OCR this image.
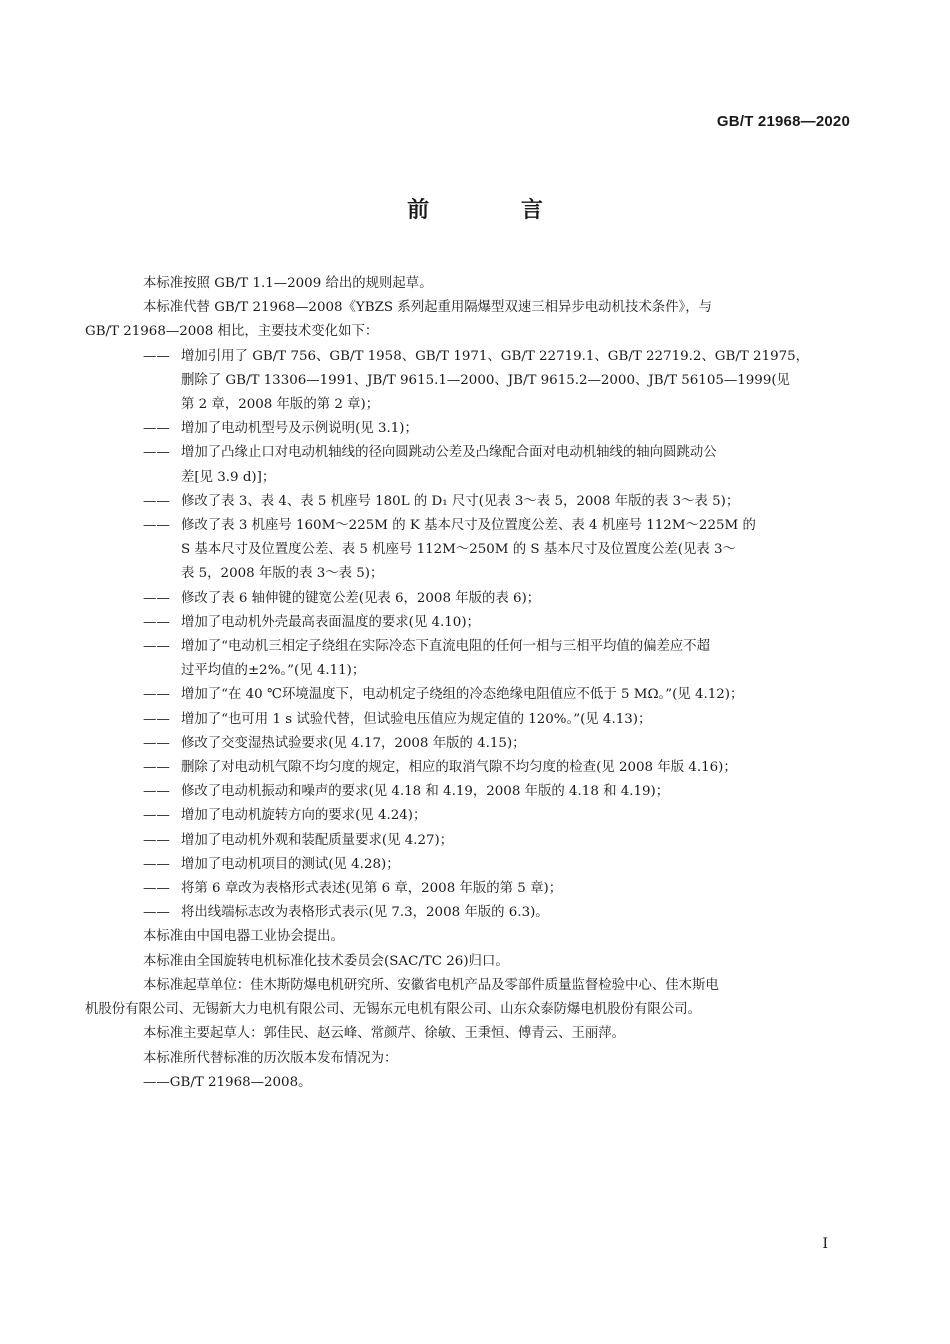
GB/T 21968—2020
前 言

本标准按照 GB/T 1.1—2009 给出的规则起草。

本标准代替 GB/T 21968—2008《YBZS 系列起重用隔爆型双速三相异步电动机技术条件》，与
GB/T 21968—2008 相比，主要技术变化如下：

—— 增加引用了 GB/T 756、GB/T 1958、GB/T 1971、GB/T 22719.1、GB/T 22719.2、GB/T 21975，
删除了 GB/T 13306—1991、JB/T 9615.1—2000、JB/T 9615.2—2000、JB/T 56105—1999(见
第 2 章，2008 年版的第 2 章)；
—— 增加了电动机型号及示例说明(见 3.1)；
—— 增加了凸缘止口对电动机轴线的径向圆跳动公差及凸缘配合面对电动机轴线的轴向圆跳动公
差[见 3.9 d)]；
—— 修改了表 3、表 4、表 5 机座号 180L 的 D₁ 尺寸(见表 3～表 5，2008 年版的表 3～表 5)；
—— 修改了表 3 机座号 160M～225M 的 K 基本尺寸及位置度公差、表 4 机座号 112M～225M 的
S 基本尺寸及位置度公差、表 5 机座号 112M～250M 的 S 基本尺寸及位置度公差(见表 3～
表 5，2008 年版的表 3～表 5)；
—— 修改了表 6 轴伸键的键宽公差(见表 6，2008 年版的表 6)；
—— 增加了电动机外壳最高表面温度的要求(见 4.10)；
—— 增加了“电动机三相定子绕组在实际冷态下直流电阻的任何一相与三相平均值的偏差应不超
过平均值的±2%。”(见 4.11)；
—— 增加了“在 40 ℃环境温度下，电动机定子绕组的冷态绝缘电阻值应不低于 5 MΩ。”(见 4.12)；
—— 增加了“也可用 1 s 试验代替，但试验电压值应为规定值的 120%。”(见 4.13)；
—— 修改了交变湿热试验要求(见 4.17，2008 年版的 4.15)；
—— 删除了对电动机气隙不均匀度的规定，相应的取消气隙不均匀度的检查(见 2008 年版 4.16)；
—— 修改了电动机振动和噪声的要求(见 4.18 和 4.19，2008 年版的 4.18 和 4.19)；
—— 增加了电动机旋转方向的要求(见 4.24)；
—— 增加了电动机外观和装配质量要求(见 4.27)；
—— 增加了电动机项目的测试(见 4.28)；
—— 将第 6 章改为表格形式表述(见第 6 章，2008 年版的第 5 章)；
—— 将出线端标志改为表格形式表示(见 7.3，2008 年版的 6.3)。

本标准由中国电器工业协会提出。

本标准由全国旋转电机标准化技术委员会(SAC/TC 26)归口。

本标准起草单位：佳木斯防爆电机研究所、安徽省电机产品及零部件质量监督检验中心、佳木斯电
机股份有限公司、无锡新大力电机有限公司、无锡东元电机有限公司、山东众泰防爆电机股份有限公司。

本标准主要起草人：郭佳民、赵云峰、常颜芹、徐敏、王秉恒、傅青云、王丽萍。

本标准所代替标准的历次版本发布情况为：

——GB/T 21968—2008。

I
